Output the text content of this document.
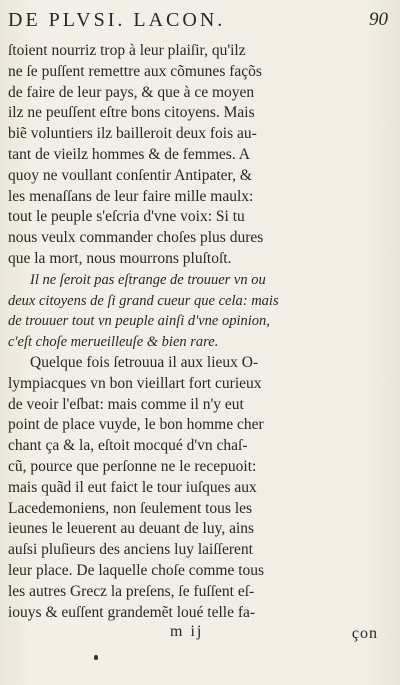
DE PLVSI. LACON.	90
ſtoient nourriz trop à leur plaiſir, qu'ilz
ne ſe puſſent remettre aux cõmunes façõs
de faire de leur pays, & que à ce moyen
ilz ne peuſſent eſtre bons citoyens. Mais
biẽ voluntiers ilz bailleroit deux fois au-
tant de vieilz hommes & de femmes. A
quoy ne voullant conſentir Antipater, &
les menaſſans de leur faire mille maulx:
tout le peuple s'eſcria d'vne voix: Si tu
nous veulx commander choſes plus dures
que la mort, nous mourrons pluſtoſt.
Il ne ſeroit pas eſtrange de trouuer vn ou
deux citoyens de ſi grand cueur que cela: mais
de trouuer tout vn peuple ainſi d'vne opinion,
c'eſt choſe merueilleuſe & bien rare.
Quelque fois ſetrouua il aux lieux O-
lympiacques vn bon vieillart fort curieux
de veoir l'eſbat: mais comme il n'y eut
point de place vuyde, le bon homme cher
chant ça & la, eſtoit mocqué d'vn chaſ-
cũ, pource que perſonne ne le recepuoit:
mais quãd il eut faict le tour iuſques aux
Lacedemoniens, non ſeulement tous les
ieunes le leuerent au deuant de luy, ains
auſsi pluſieurs des anciens luy laiſſerent
leur place. De laquelle choſe comme tous
les autres Grecz la preſens, ſe fuſſent eſ-
iouys & euſſent grandemẽt loué telle fa-
m ij	çon
